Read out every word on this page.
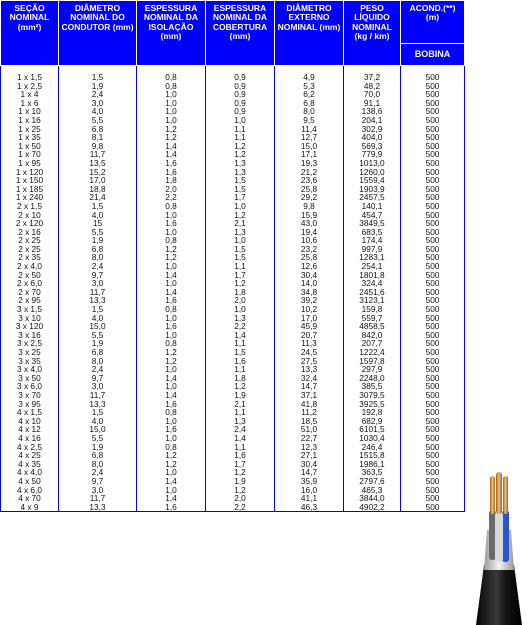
SEÇÃO NOMINAL (mm²)	DIÂMETRO NOMINAL DO CONDUTOR (mm)	ESPESSURA NOMINAL DA ISOLAÇÃO (mm)	ESPESSURA NOMINAL DA COBERTURA (mm)	DIÂMETRO EXTERNO NOMINAL (mm)	PESO LÍQUIDO NOMINAL (kg / km)	ACOND.(**) (m)
						BOBINA
1 x 1,5	1,5	0,8	0,9	4,9	37,2	500
1 x 2,5	1,9	0,8	0,9	5,3	48,2	500
1 x 4	2,4	1,0	0,9	6,2	70,0	500
1 x 6	3,0	1,0	0,9	6,8	91,1	500
1 x 10	4,0	1,0	0,9	8,0	138,6	500
1 x 16	5,5	1,0	1,0	9,5	204,1	500
1 x 25	6,8	1,2	1,1	11,4	302,9	500
1 x 35	8,1	1,2	1,1	12,7	404,0	500
1 x 50	9,8	1,4	1,2	15,0	569,3	500
1 x 70	11,7	1,4	1,2	17,1	779,9	500
1 x 95	13,5	1,6	1,3	19,3	1013,0	500
1 x 120	15,2	1,6	1,3	21,2	1260,0	500
1 x 150	17,0	1,8	1,5	23,6	1559,4	500
1 x 185	18,8	2,0	1,5	25,8	1903,9	500
1 x 240	21,4	2,2	1,7	29,2	2457,5	500
2 x 1,5	1,5	0,8	1,0	9,8	140,1	500
2 x 10	4,0	1,0	1,2	15,9	454,7	500
2 x 120	15	1,6	2,1	43,0	3849,5	500
2 x 16	5,5	1,0	1,3	19,4	683,5	500
2 x 25	1,9	0,8	1,0	10,6	174,4	500
2 x 25	6,8	1,2	1,5	23,2	997,9	500
2 x 35	8,0	1,2	1,5	25,8	1283,1	500
2 x 4,0	2,4	1,0	1,1	12,6	254,1	500
2 x 50	9,7	1,4	1,7	30,4	1801,8	500
2 x 6,0	3,0	1,0	1,2	14,0	324,4	500
2 x 70	11,7	1,4	1,8	34,8	2451,6	500
2 x 95	13,3	1,6	2,0	39,2	3123,1	500
3 x 1,5	1,5	0,8	1,0	10,2	159,8	500
3 x 10	4,0	1,0	1,3	17,0	559,7	500
3 x 120	15,0	1,6	2,2	45,9	4858,5	500
3 x 16	5,5	1,0	1,4	20,7	842,0	500
3 x 2,5	1,9	0,8	1,1	11,3	207,7	500
3 x 25	6,8	1,2	1,5	24,5	1222,4	500
3 x 35	8,0	1,2	1,6	27,5	1597,8	500
3 x 4,0	2,4	1,0	1,1	13,3	297,9	500
3 x 50	9,7	1,4	1,8	32,4	2248,0	500
3 x 6,0	3,0	1,0	1,2	14,7	385,5	500
3 x 70	11,7	1,4	1,9	37,1	3079,5	500
3 x 95	13,3	1,6	2,1	41,8	3925,5	500
4 x 1,5	1,5	0,8	1,1	11,2	192,8	500
4 x 10	4,0	1,0	1,3	18,5	682,9	500
4 x 12	15,0	1,6	2,4	51,0	6101,5	500
4 x 16	5,5	1,0	1,4	22,7	1030,4	500
4 x 2,5	1,9	0,8	1,1	12,3	246,4	500
4 x 25	6,8	1,2	1,6	27,1	1515,8	500
4 x 35	8,0	1,2	1,7	30,4	1986,1	500
4 x 4,0	2,4	1,0	1,2	14,7	363,5	500
4 x 50	9,7	1,4	1,9	35,9	2797,6	500
4 x 6,0	3,0	1,0	1,2	16,0	465,3	500
4 x 70	11,7	1,4	2,0	41,1	3844,0	500
4 x 9	13,3	1,6	2,2	46,3	4902,2	500
